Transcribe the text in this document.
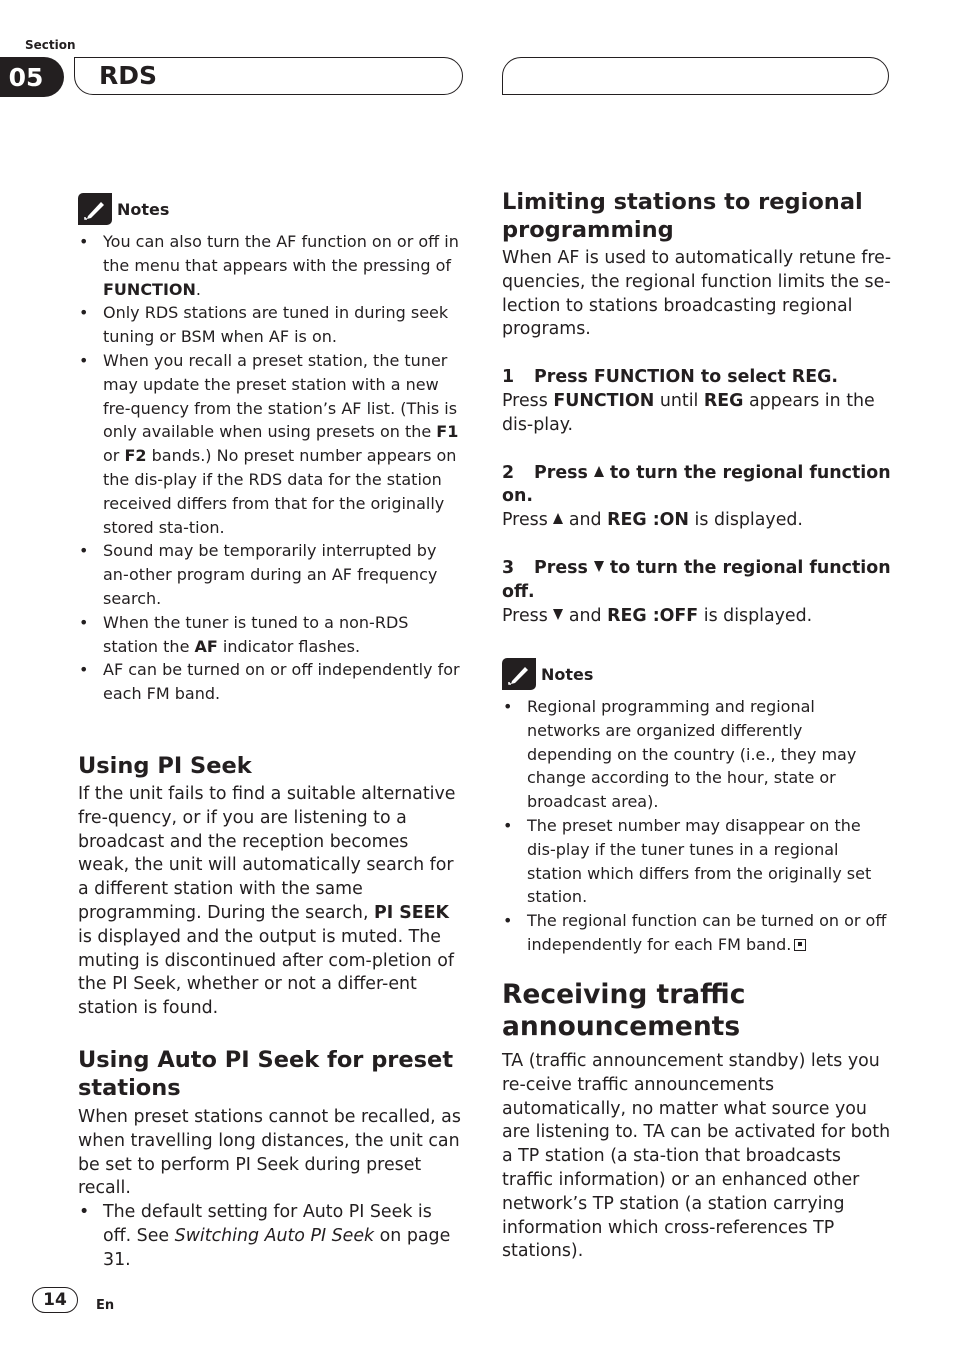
Section
05	RDS
Notes
• You can also turn the AF function on or off in the menu that appears with the pressing of FUNCTION.
• Only RDS stations are tuned in during seek tuning or BSM when AF is on.
• When you recall a preset station, the tuner may update the preset station with a new fre-quency from the station’s AF list. (This is only available when using presets on the F1 or F2 bands.) No preset number appears on the dis-play if the RDS data for the station received differs from that for the originally stored sta-tion.
• Sound may be temporarily interrupted by an-other program during an AF frequency search.
• When the tuner is tuned to a non-RDS station the AF indicator flashes.
• AF can be turned on or off independently for each FM band.
Using PI Seek

If the unit fails to find a suitable alternative fre-quency, or if you are listening to a broadcast and the reception becomes weak, the unit will automatically search for a different station with the same programming. During the search, PI SEEK is displayed and the output is muted. The muting is discontinued after com-pletion of the PI Seek, whether or not a differ-ent station is found.

Using Auto PI Seek for preset stations

When preset stations cannot be recalled, as when travelling long distances, the unit can be set to perform PI Seek during preset recall.

• The default setting for Auto PI Seek is off. See Switching Auto PI Seek on page 31.
Limiting stations to regional programming

When AF is used to automatically retune fre-quencies, the regional function limits the se-lection to stations broadcasting regional programs.

1 Press FUNCTION to select REG.

Press FUNCTION until REG appears in the dis-play.

2 Press  to turn the regional function on.

Press  and REG :ON is displayed.

3 Press  to turn the regional function off.

Press  and REG :OFF is displayed.

Notes
• Regional programming and regional networks are organized differently depending on the country (i.e., they may change according to the hour, state or broadcast area).
• The preset number may disappear on the dis-play if the tuner tunes in a regional station which differs from the originally set station.
• The regional function can be turned on or off independently for each FM band.
Receiving traffic announcements

TA (traffic announcement standby) lets you re-ceive traffic announcements automatically, no matter what source you are listening to. TA can be activated for both a TP station (a sta-tion that broadcasts traffic information) or an enhanced other network’s TP station (a station carrying information which cross-references TP stations).

14	En
